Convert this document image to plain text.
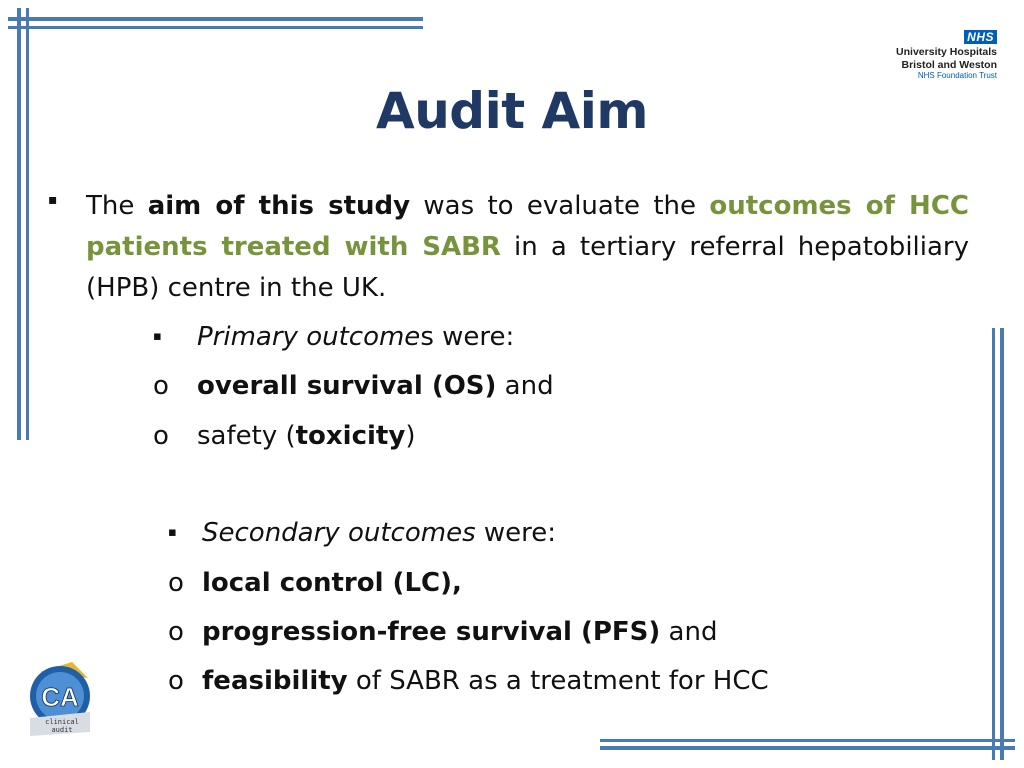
NHS
University Hospitals
Bristol and Weston
NHS Foundation Trust
Audit Aim
▪ The aim of this study was to evaluate the outcomes of HCC patients treated with SABR in a tertiary referral hepatobiliary (HPB) centre in the UK.

▪ Primary outcomes were:
o overall survival (OS) and
o safety (toxicity)
▪ Secondary outcomes were:
o local control (LC),
o progression-free survival (PFS) and
o feasibility of SABR as a treatment for HCC
CA
clinical
audit
